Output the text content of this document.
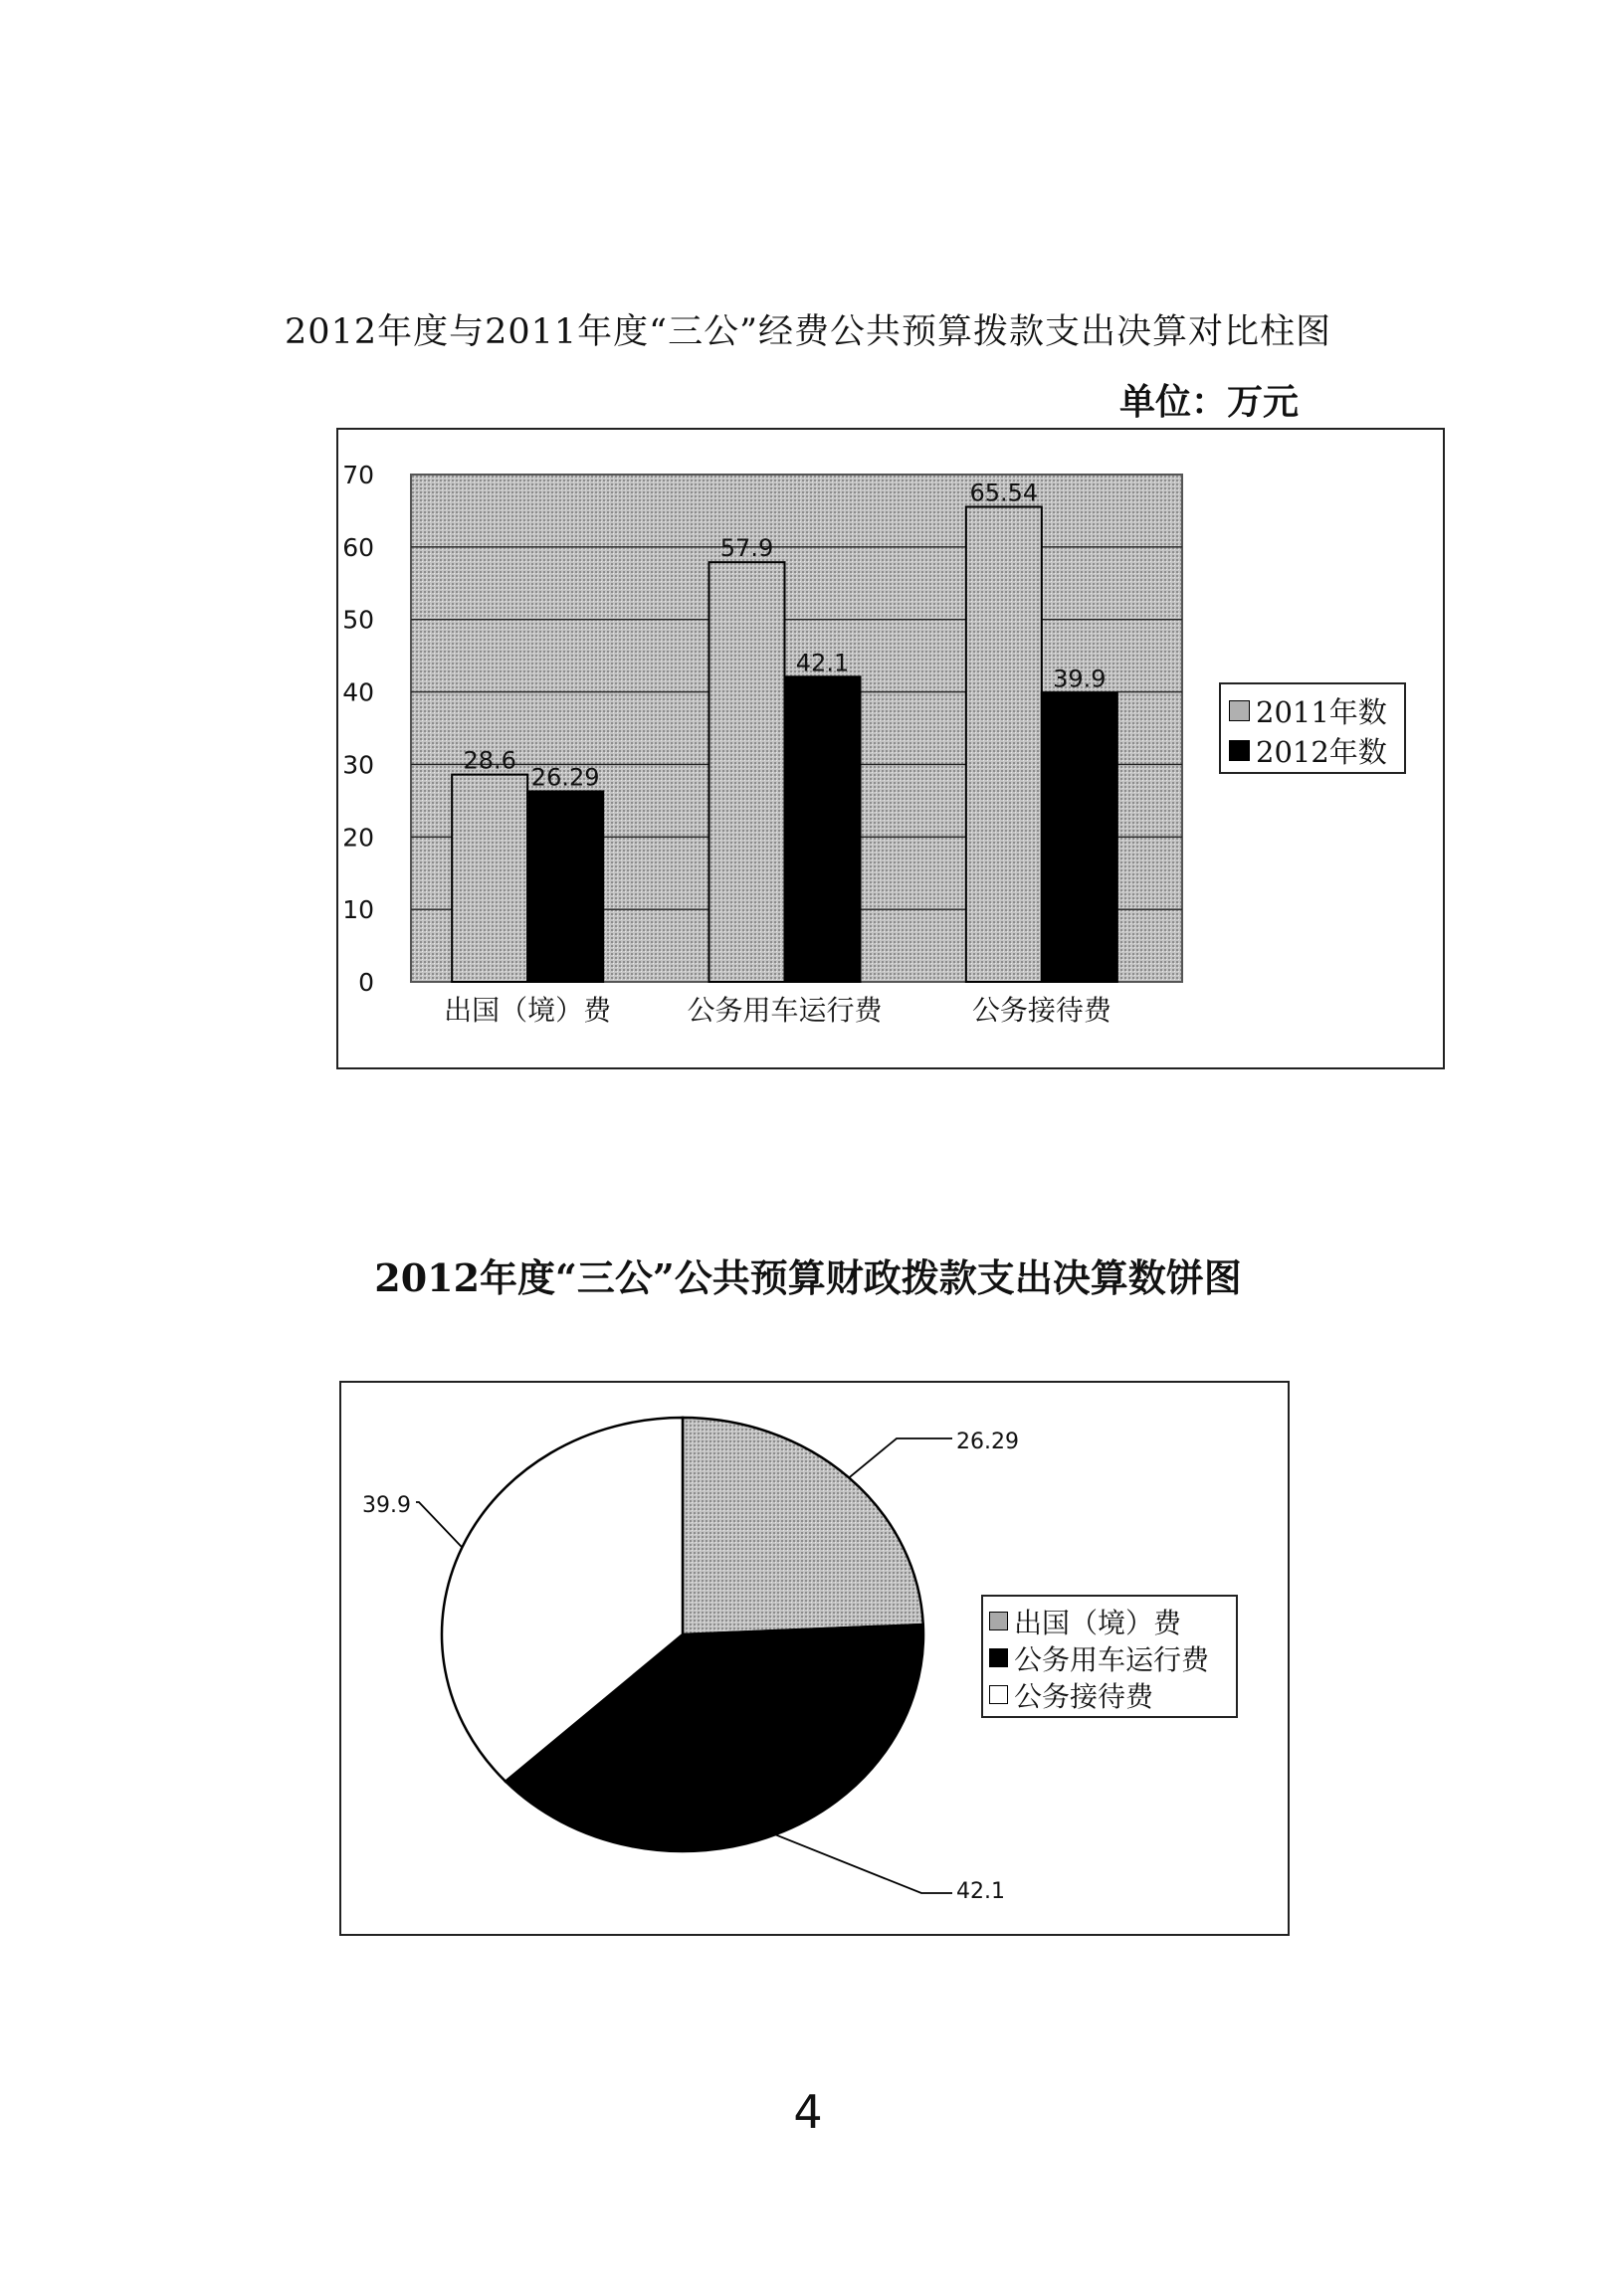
2012年度与2011年度“三公”经费公共预算拨款支出决算对比柱图
单位：万元
0
10
20
30
40
50
60
70
28.6
26.29
57.9
42.1
65.54
39.9
出国（境）费	公务用车运行费	公务接待费
2011年数
2012年数
2012年度“三公”公共预算财政拨款支出决算数饼图
26.29
42.1
39.9
出国（境）费
公务用车运行费
公务接待费
4
